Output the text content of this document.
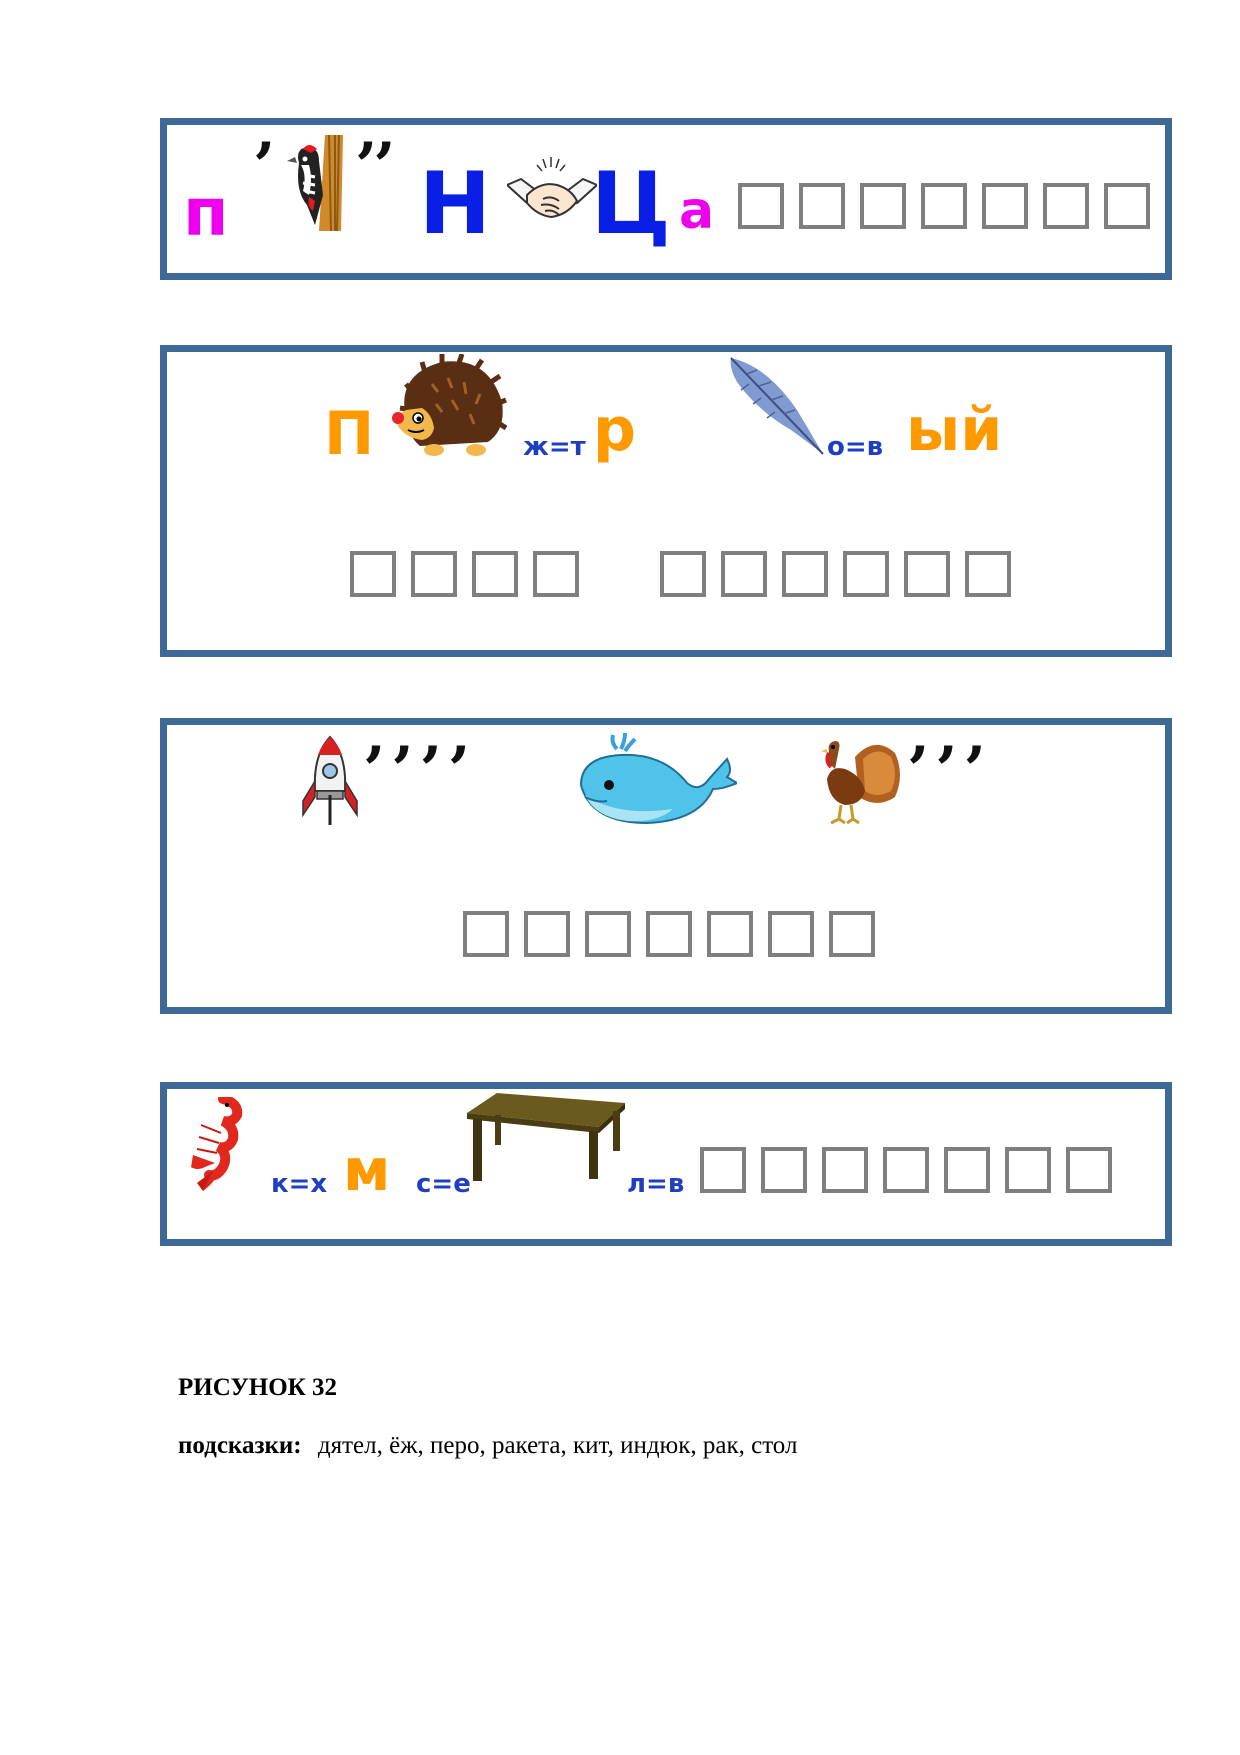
п
’ ’’ Н Ц а
П	ж=т р	о=в ый
’’’’	’’’
к=х м с=е	л=в
РИСУНОК 32
подсказки: дятел, ёж, перо, ракета, кит, индюк, рак, стол
